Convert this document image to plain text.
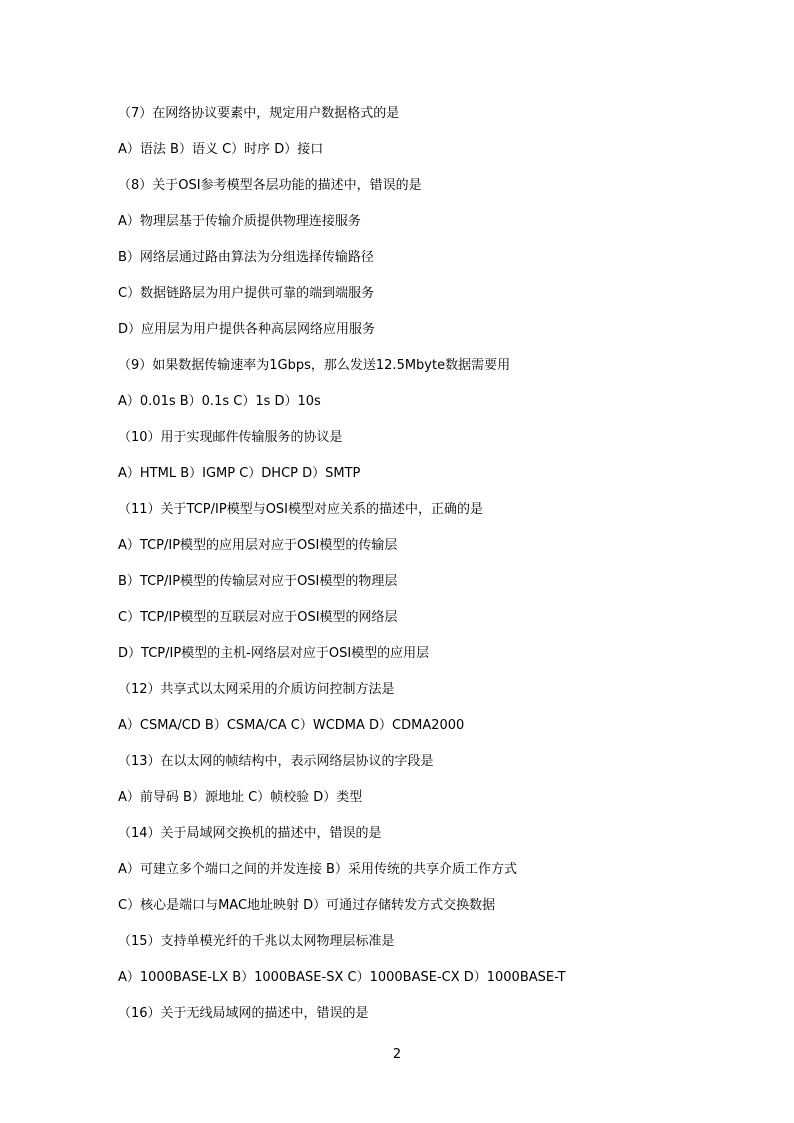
（7）在网络协议要素中，规定用户数据格式的是
A）语法 B）语义 C）时序 D）接口
（8）关于OSI参考模型各层功能的描述中，错误的是
A）物理层基于传输介质提供物理连接服务
B）网络层通过路由算法为分组选择传输路径
C）数据链路层为用户提供可靠的端到端服务
D）应用层为用户提供各种高层网络应用服务
（9）如果数据传输速率为1Gbps，那么发送12.5Mbyte数据需要用
A）0.01s B）0.1s C）1s D）10s
（10）用于实现邮件传输服务的协议是
A）HTML B）IGMP C）DHCP D）SMTP
（11）关于TCP/IP模型与OSI模型对应关系的描述中，正确的是
A）TCP/IP模型的应用层对应于OSI模型的传输层
B）TCP/IP模型的传输层对应于OSI模型的物理层
C）TCP/IP模型的互联层对应于OSI模型的网络层
D）TCP/IP模型的主机-网络层对应于OSI模型的应用层
（12）共享式以太网采用的介质访问控制方法是
A）CSMA/CD B）CSMA/CA C）WCDMA D）CDMA2000
（13）在以太网的帧结构中，表示网络层协议的字段是
A）前导码 B）源地址 C）帧校验 D）类型
（14）关于局域网交换机的描述中，错误的是
A）可建立多个端口之间的并发连接 B）采用传统的共享介质工作方式
C）核心是端口与MAC地址映射 D）可通过存储转发方式交换数据
（15）支持单模光纤的千兆以太网物理层标准是
A）1000BASE-LX B）1000BASE-SX C）1000BASE-CX D）1000BASE-T
（16）关于无线局域网的描述中，错误的是
2
